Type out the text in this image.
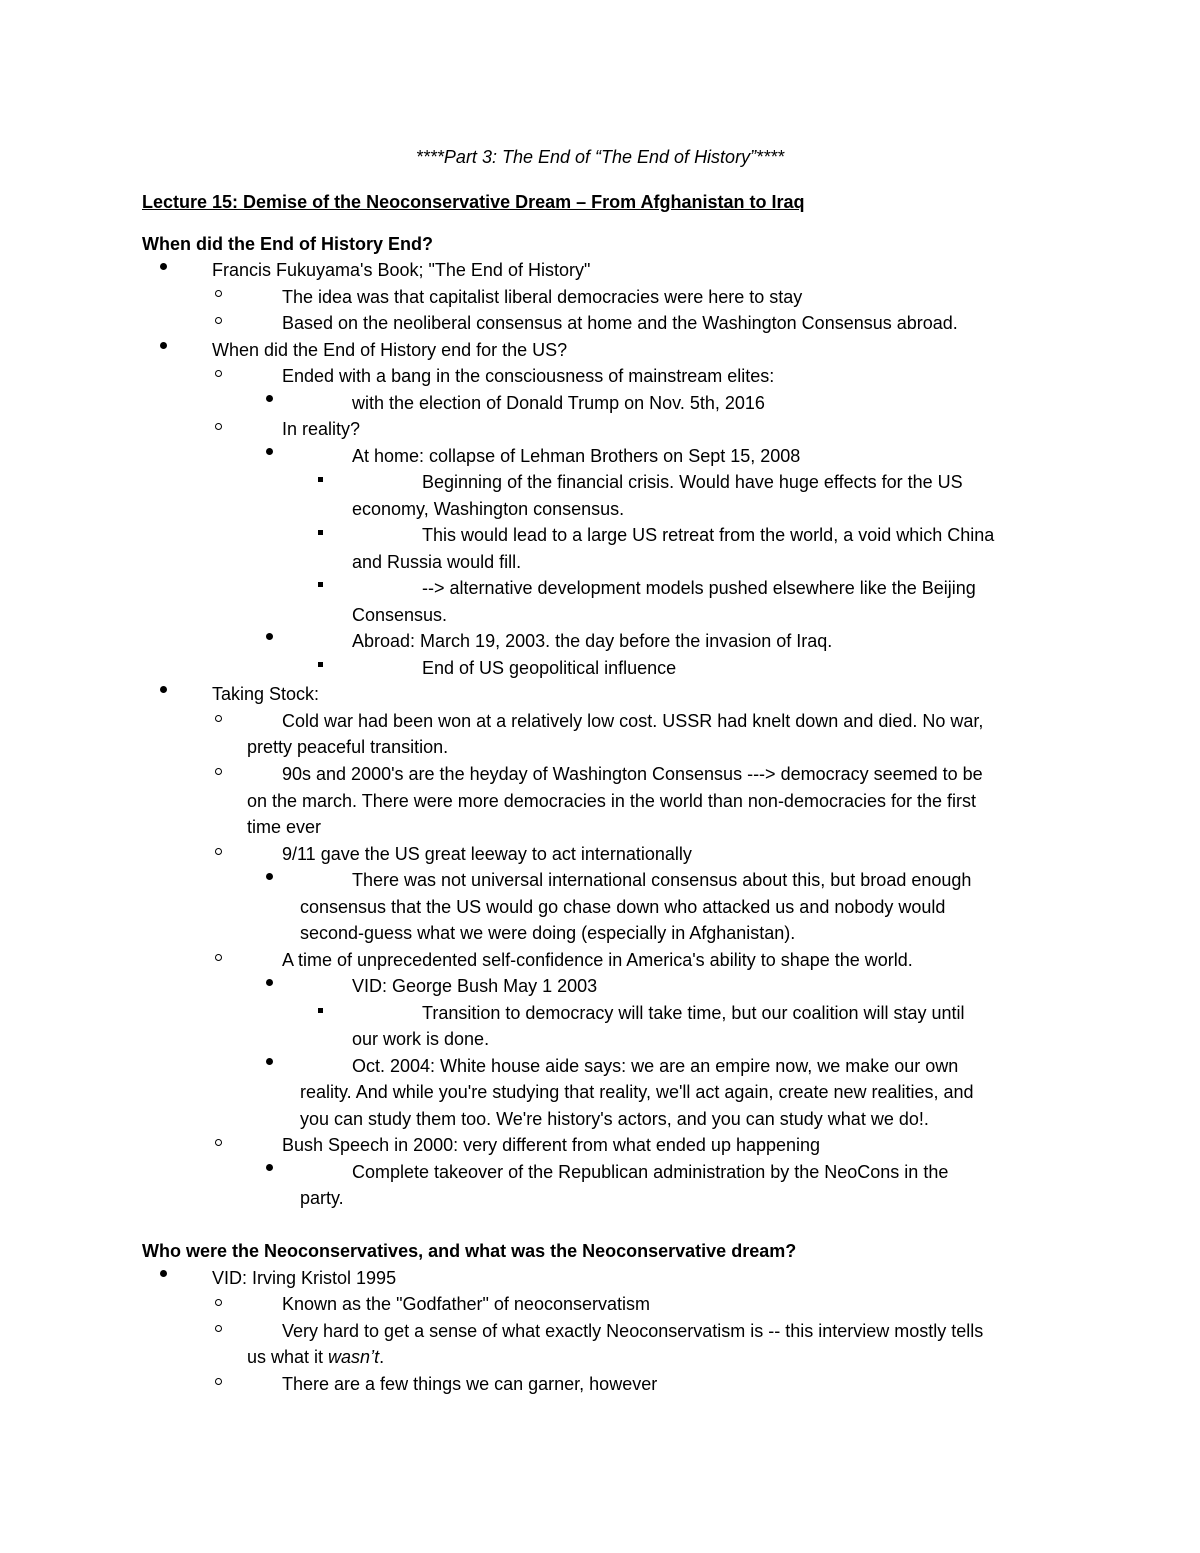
****Part 3: The End of “The End of History”****
Lecture 15: Demise of the Neoconservative Dream – From Afghanistan to Iraq
When did the End of History End?
Francis Fukuyama's Book; "The End of History"
The idea was that capitalist liberal democracies were here to stay
Based on the neoliberal consensus at home and the Washington Consensus abroad.
When did the End of History end for the US?
Ended with a bang in the consciousness of mainstream elites:
with the election of Donald Trump on Nov. 5th, 2016
In reality?
At home: collapse of Lehman Brothers on Sept 15, 2008
Beginning of the financial crisis. Would have huge effects for the US
economy, Washington consensus.
This would lead to a large US retreat from the world, a void which China
and Russia would fill.
--> alternative development models pushed elsewhere like the Beijing
Consensus.
Abroad: March 19, 2003. the day before the invasion of Iraq.
End of US geopolitical influence
Taking Stock:
Cold war had been won at a relatively low cost. USSR had knelt down and died. No war,
pretty peaceful transition.
90s and 2000's are the heyday of Washington Consensus ---> democracy seemed to be
on the march. There were more democracies in the world than non-democracies for the first
time ever
9/11 gave the US great leeway to act internationally
There was not universal international consensus about this, but broad enough
consensus that the US would go chase down who attacked us and nobody would
second-guess what we were doing (especially in Afghanistan).
A time of unprecedented self-confidence in America's ability to shape the world.
VID: George Bush May 1 2003
Transition to democracy will take time, but our coalition will stay until
our work is done.
Oct. 2004: White house aide says: we are an empire now, we make our own
reality. And while you're studying that reality, we'll act again, create new realities, and
you can study them too. We're history's actors, and you can study what we do!.
Bush Speech in 2000: very different from what ended up happening
Complete takeover of the Republican administration by the NeoCons in the
party.
Who were the Neoconservatives, and what was the Neoconservative dream?
VID: Irving Kristol 1995
Known as the "Godfather" of neoconservatism
Very hard to get a sense of what exactly Neoconservatism is -- this interview mostly tells
us what it wasn’t.
There are a few things we can garner, however
